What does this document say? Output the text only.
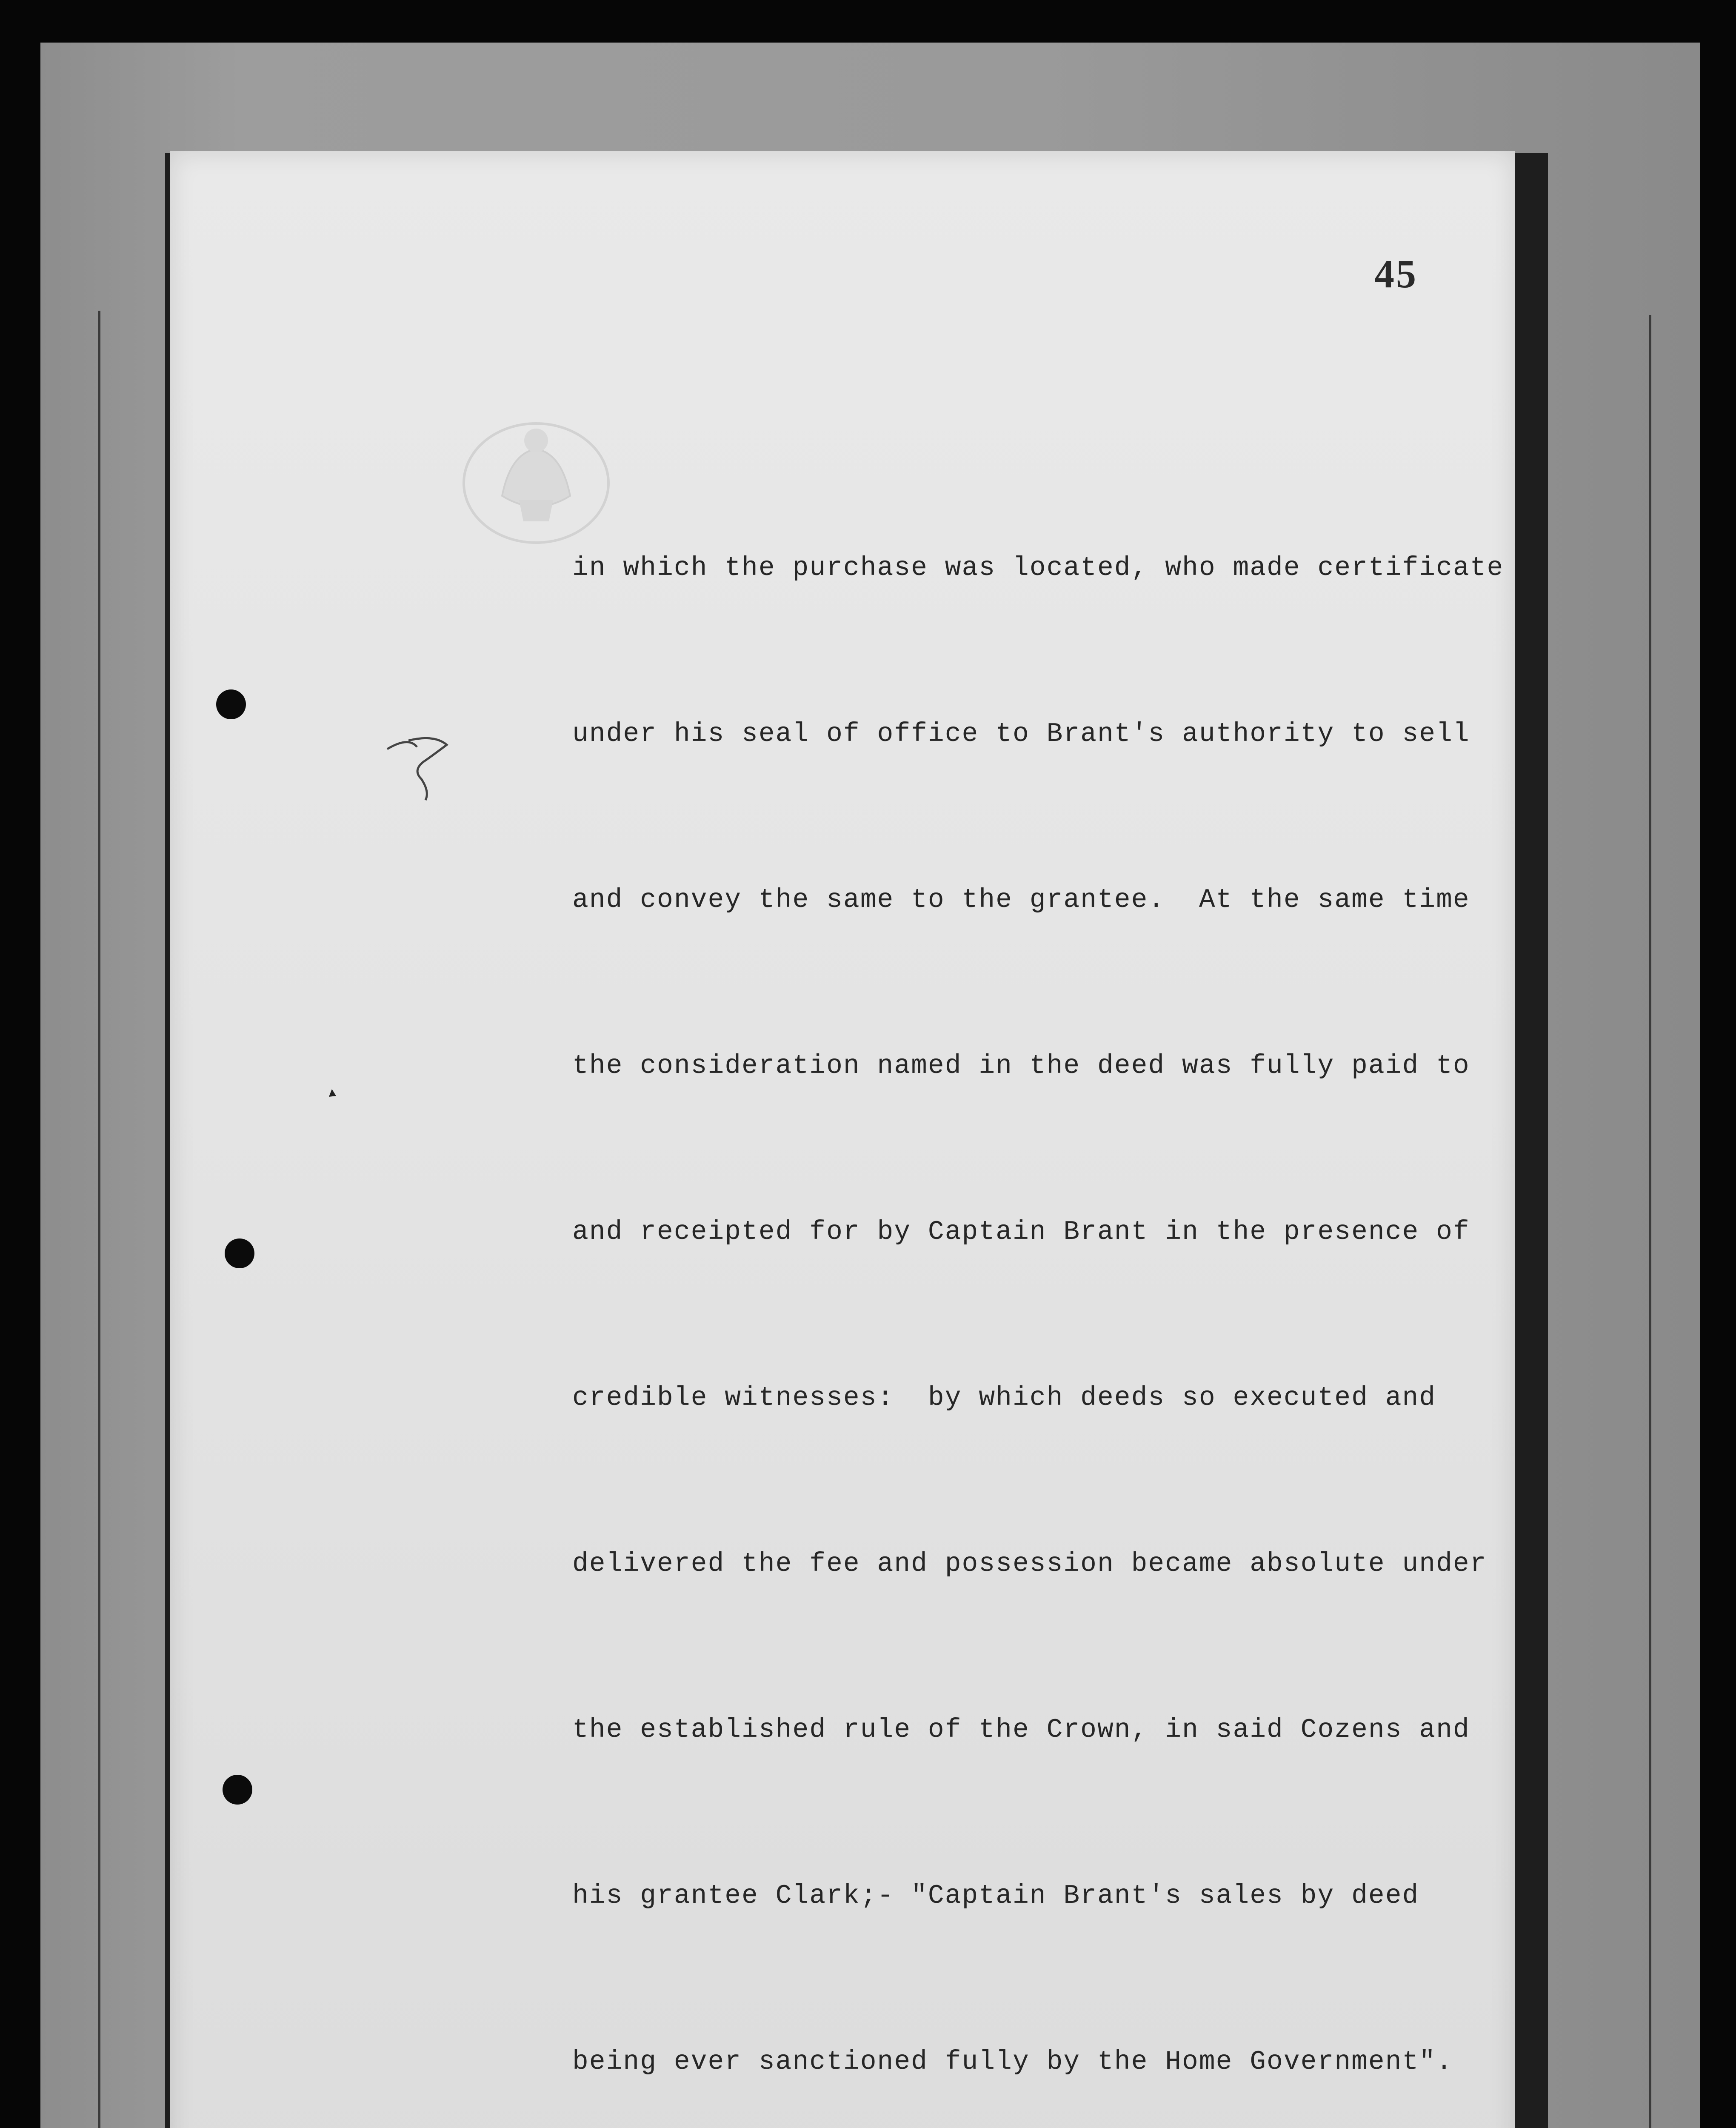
45

in which the purchase was located, who made certificate

under his seal of office to Brant's authority to sell

and convey the same to the grantee.  At the same time

the consideration named in the deed was fully paid to

and receipted for by Captain Brant in the presence of

credible witnesses:  by which deeds so executed and

delivered the fee and possession became absolute under

the established rule of the Crown, in said Cozens and

his grantee Clark;- "Captain Brant's sales by deed

being ever sanctioned fully by the Home Government".
